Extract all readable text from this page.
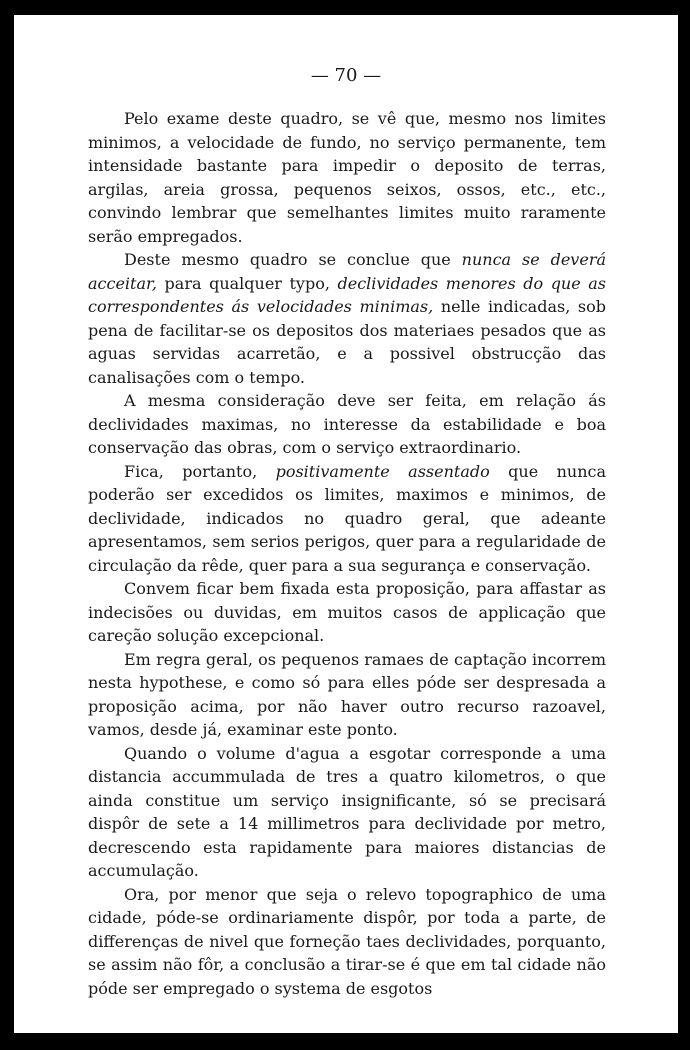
— 70 —

Pelo exame deste quadro, se vê que, mesmo nos limites minimos, a velocidade de fundo, no serviço permanente, tem intensidade bastante para impedir o deposito de terras, argilas, areia grossa, pequenos seixos, ossos, etc., etc., convindo lembrar que semelhantes limites muito raramente serão empregados.

Deste mesmo quadro se conclue que nunca se deverá acceitar, para qualquer typo, declividades menores do que as correspondentes ás velocidades minimas, nelle indicadas, sob pena de facilitar-se os depositos dos materiaes pesados que as aguas servidas acarretão, e a possivel obstrucção das canalisações com o tempo.

A mesma consideração deve ser feita, em relação ás declividades maximas, no interesse da estabilidade e boa conservação das obras, com o serviço extraordinario.

Fica, portanto, positivamente assentado que nunca poderão ser excedidos os limites, maximos e minimos, de declividade, indicados no quadro geral, que adeante apresentamos, sem serios perigos, quer para a regularidade de circulação da rêde, quer para a sua segurança e conservação.

Convem ficar bem fixada esta proposição, para affastar as indecisões ou duvidas, em muitos casos de applicação que careção solução excepcional.

Em regra geral, os pequenos ramaes de captação incorrem nesta hypothese, e como só para elles póde ser despresada a proposição acima, por não haver outro recurso razoavel, vamos, desde já, examinar este ponto.

Quando o volume d'agua a esgotar corresponde a uma distancia accummulada de tres a quatro kilometros, o que ainda constitue um serviço insignificante, só se precisará dispôr de sete a 14 millimetros para declividade por metro, decrescendo esta rapidamente para maiores distancias de accumulação.

Ora, por menor que seja o relevo topographico de uma cidade, póde-se ordinariamente dispôr, por toda a parte, de differenças de nivel que forneção taes declividades, porquanto, se assim não fôr, a conclusão a tirar-se é que em tal cidade não póde ser empregado o systema de esgotos
